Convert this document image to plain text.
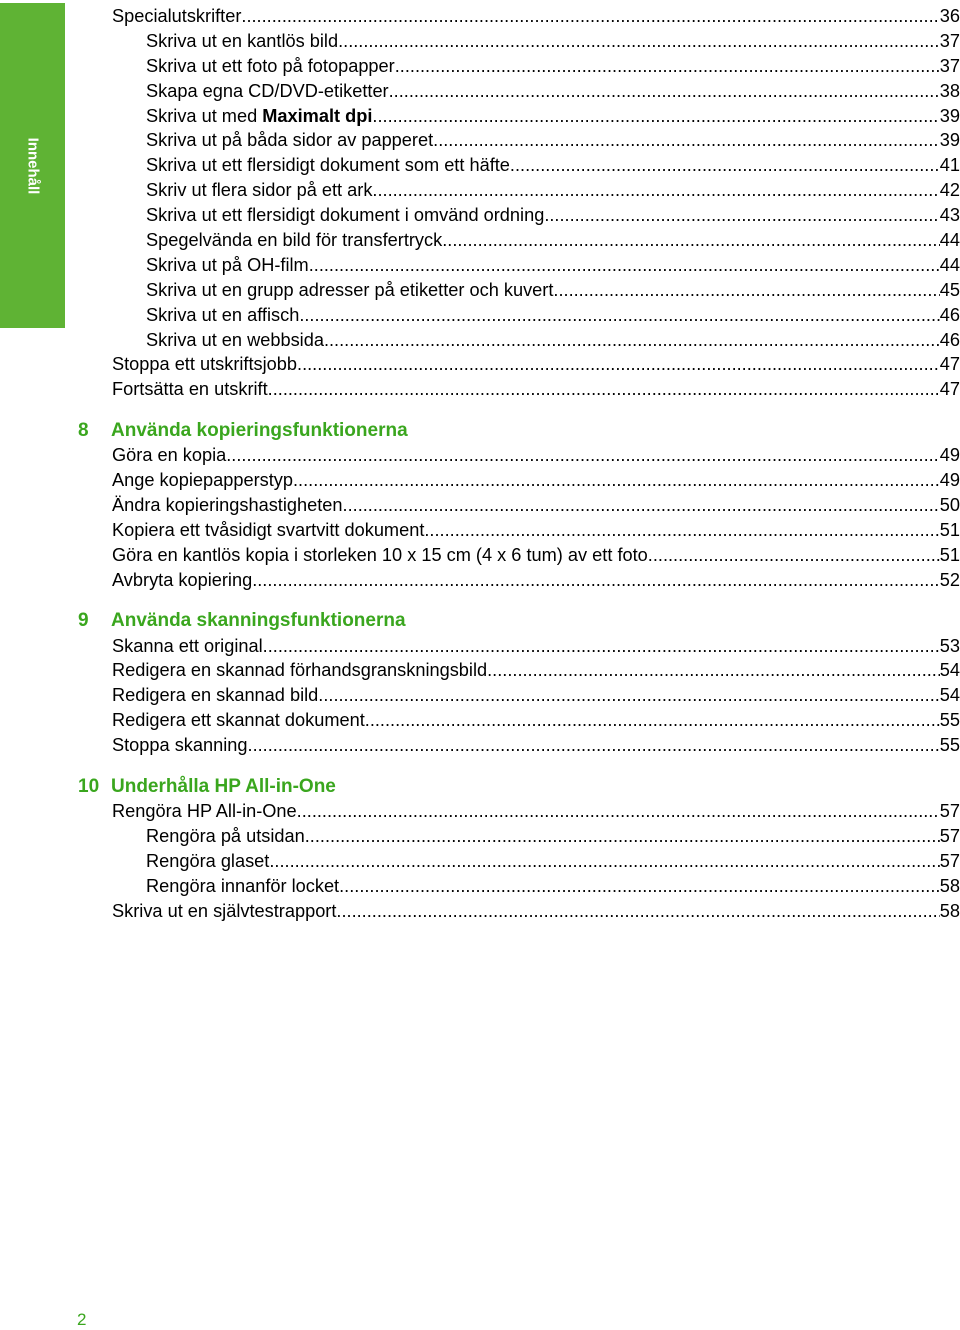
Innehåll
Specialutskrifter .....	36
Skriva ut en kantlös bild .....	37
Skriva ut ett foto på fotopapper .....	37
Skapa egna CD/DVD-etiketter .....	38
Skriva ut med Maximalt dpi .....	39
Skriva ut på båda sidor av papperet .....	39
Skriva ut ett flersidigt dokument som ett häfte .....	41
Skriv ut flera sidor på ett ark .....	42
Skriva ut ett flersidigt dokument i omvänd ordning .....	43
Spegelvända en bild för transfertryck .....	44
Skriva ut på OH-film .....	44
Skriva ut en grupp adresser på etiketter och kuvert .....	45
Skriva ut en affisch .....	46
Skriva ut en webbsida .....	46
Stoppa ett utskriftsjobb .....	47
Fortsätta en utskrift .....	47
8	Använda kopieringsfunktionerna
Göra en kopia .....	49
Ange kopiepapperstyp .....	49
Ändra kopieringshastigheten .....	50
Kopiera ett tvåsidigt svartvitt dokument .....	51
Göra en kantlös kopia i storleken 10 x 15 cm (4 x 6 tum) av ett foto .....	51
Avbryta kopiering .....	52
9	Använda skanningsfunktionerna
Skanna ett original .....	53
Redigera en skannad förhandsgranskningsbild .....	54
Redigera en skannad bild .....	54
Redigera ett skannat dokument .....	55
Stoppa skanning .....	55
10 Underhålla HP All-in-One
Rengöra HP All-in-One .....	57
Rengöra på utsidan .....	57
Rengöra glaset .....	57
Rengöra innanför locket .....	58
Skriva ut en självtestrapport .....	58
2
